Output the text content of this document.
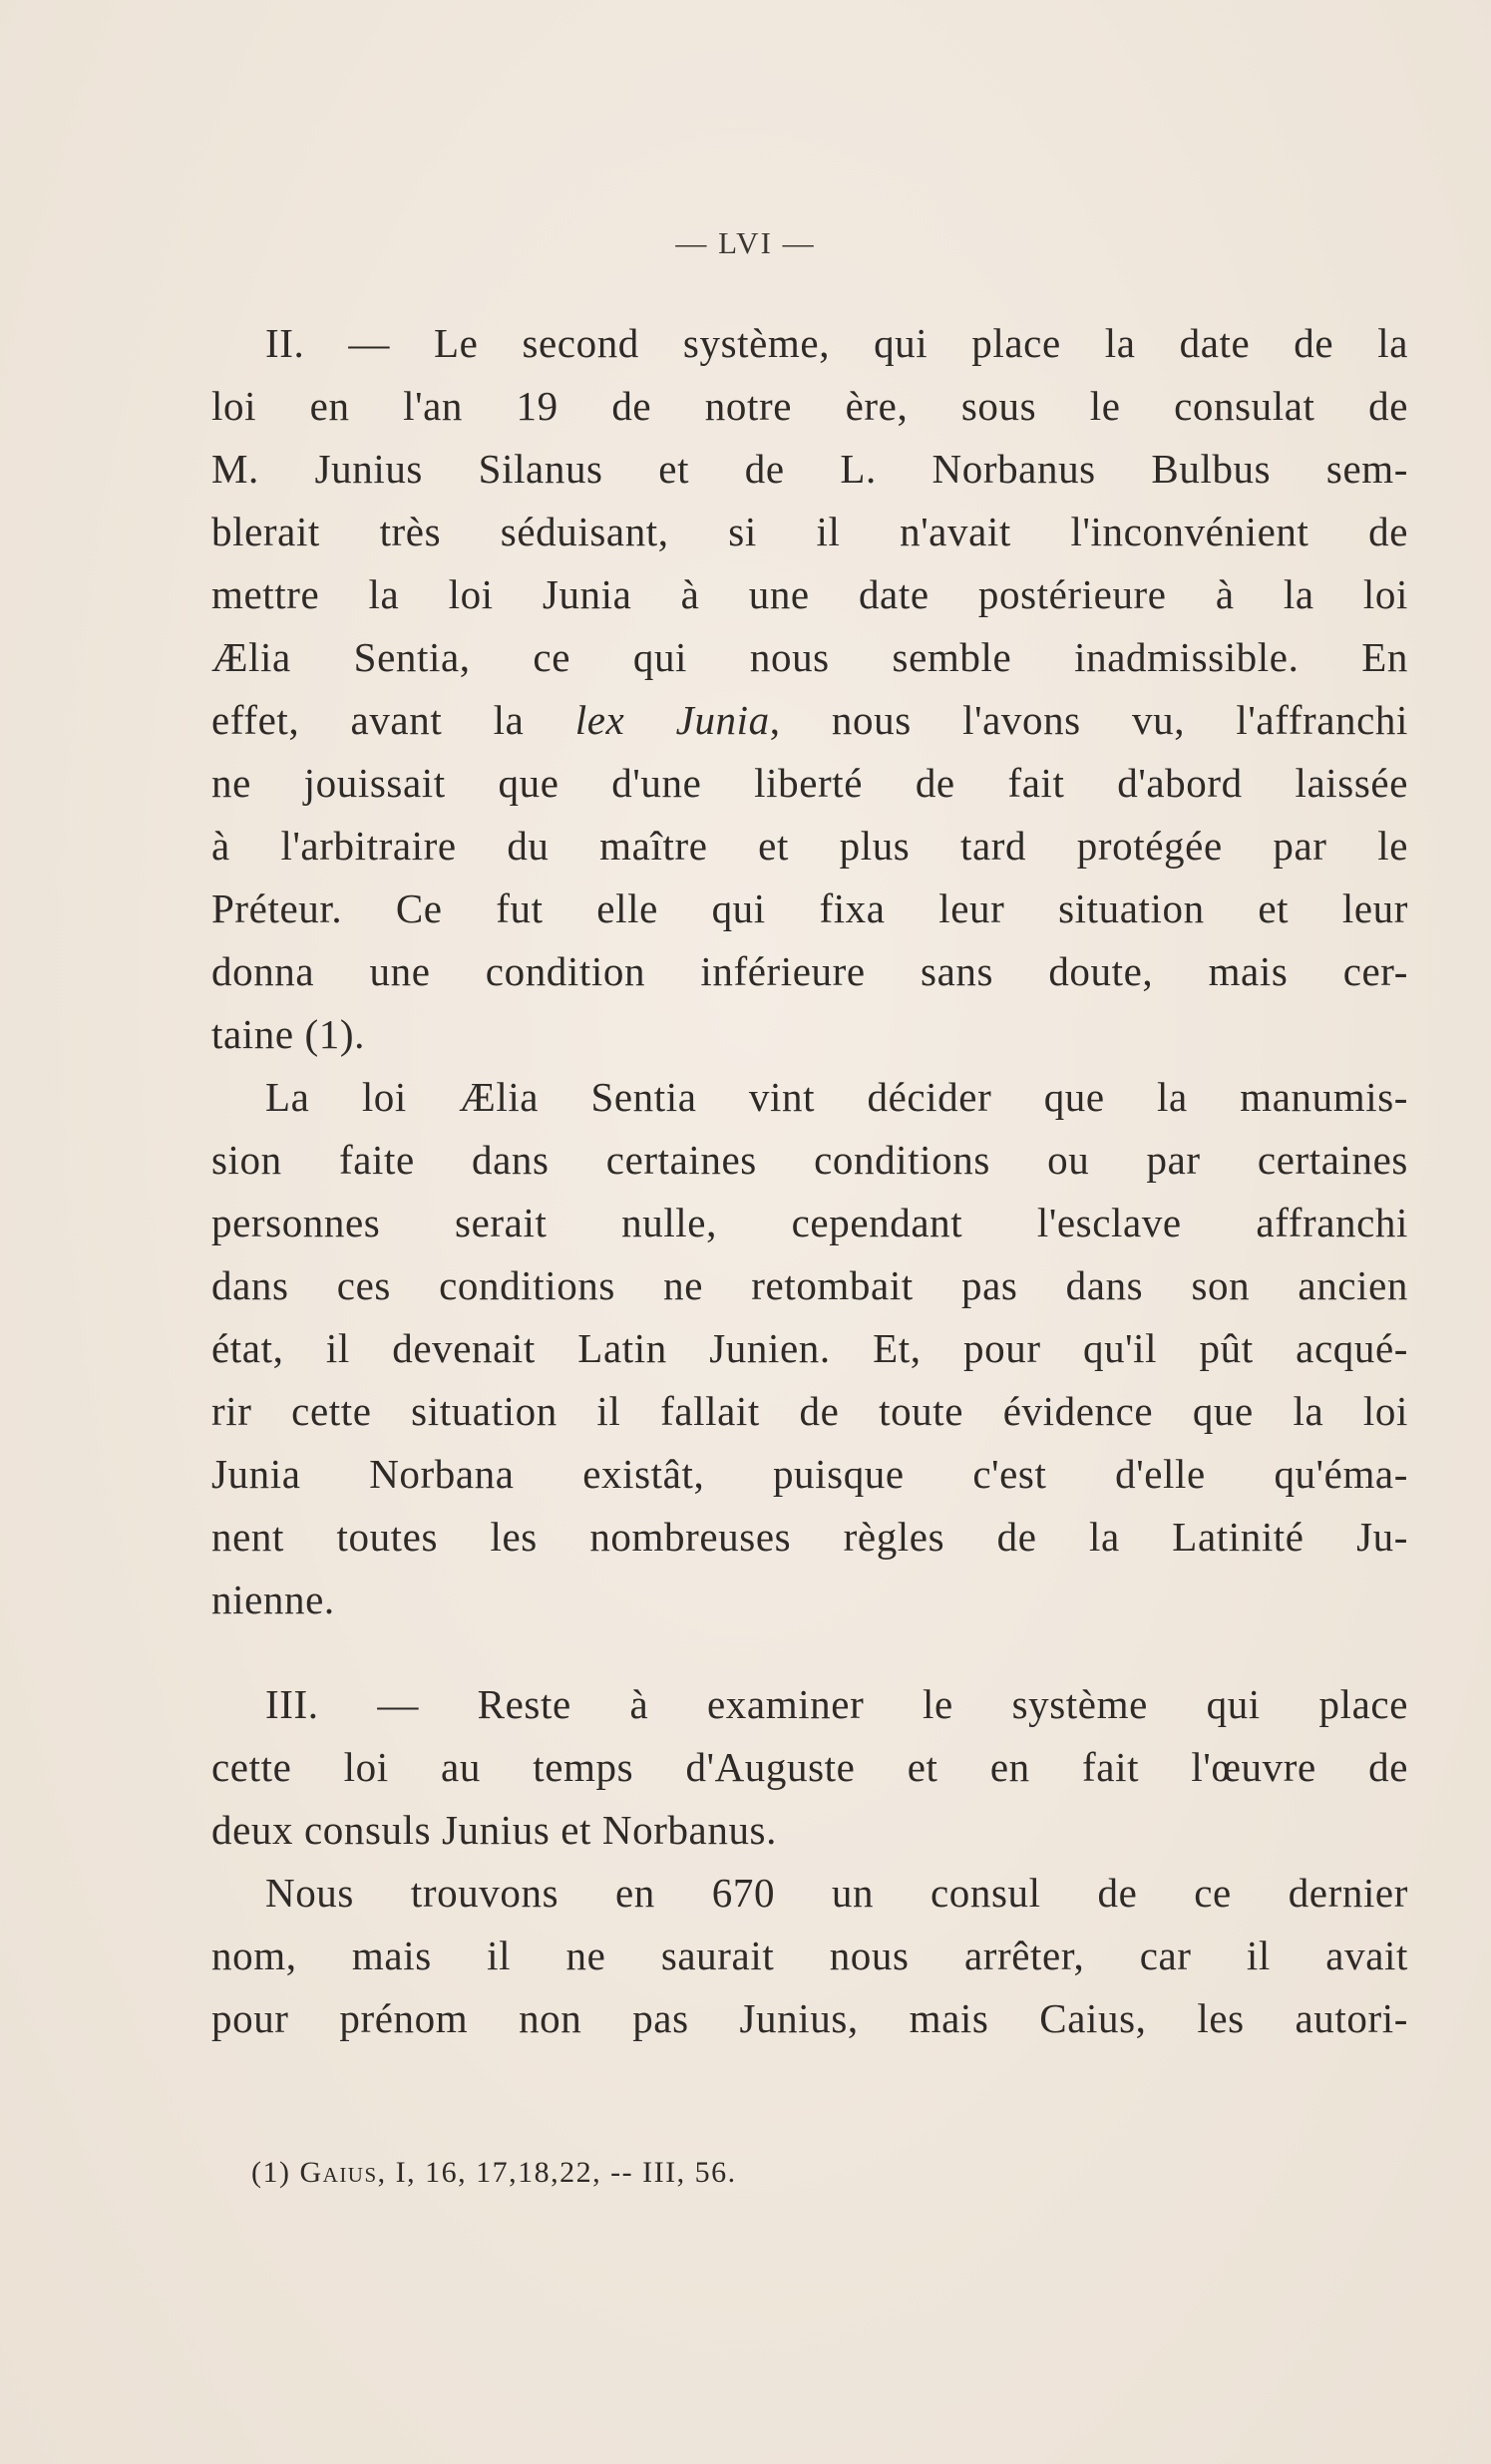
— LVI —
II. — Le second système, qui place la date de la
loi en l'an 19 de notre ère, sous le consulat de
M. Junius Silanus et de L. Norbanus Bulbus sem-
blerait très séduisant, si il n'avait l'inconvénient de
mettre la loi Junia à une date postérieure à la loi
Ælia Sentia, ce qui nous semble inadmissible. En
effet, avant la lex Junia, nous l'avons vu, l'affranchi
ne jouissait que d'une liberté de fait d'abord laissée
à l'arbitraire du maître et plus tard protégée par le
Préteur. Ce fut elle qui fixa leur situation et leur
donna une condition inférieure sans doute, mais cer-
taine (1).
La loi Ælia Sentia vint décider que la manumis-
sion faite dans certaines conditions ou par certaines
personnes serait nulle, cependant l'esclave affranchi
dans ces conditions ne retombait pas dans son ancien
état, il devenait Latin Junien. Et, pour qu'il pût acqué-
rir cette situation il fallait de toute évidence que la loi
Junia Norbana existât, puisque c'est d'elle qu'éma-
nent toutes les nombreuses règles de la Latinité Ju-
nienne.
III. — Reste à examiner le système qui place
cette loi au temps d'Auguste et en fait l'œuvre de
deux consuls Junius et Norbanus.
Nous trouvons en 670 un consul de ce dernier
nom, mais il ne saurait nous arrêter, car il avait
pour prénom non pas Junius, mais Caius, les autori-
(1) Gaius, I, 16, 17,18,22, -- III, 56.
